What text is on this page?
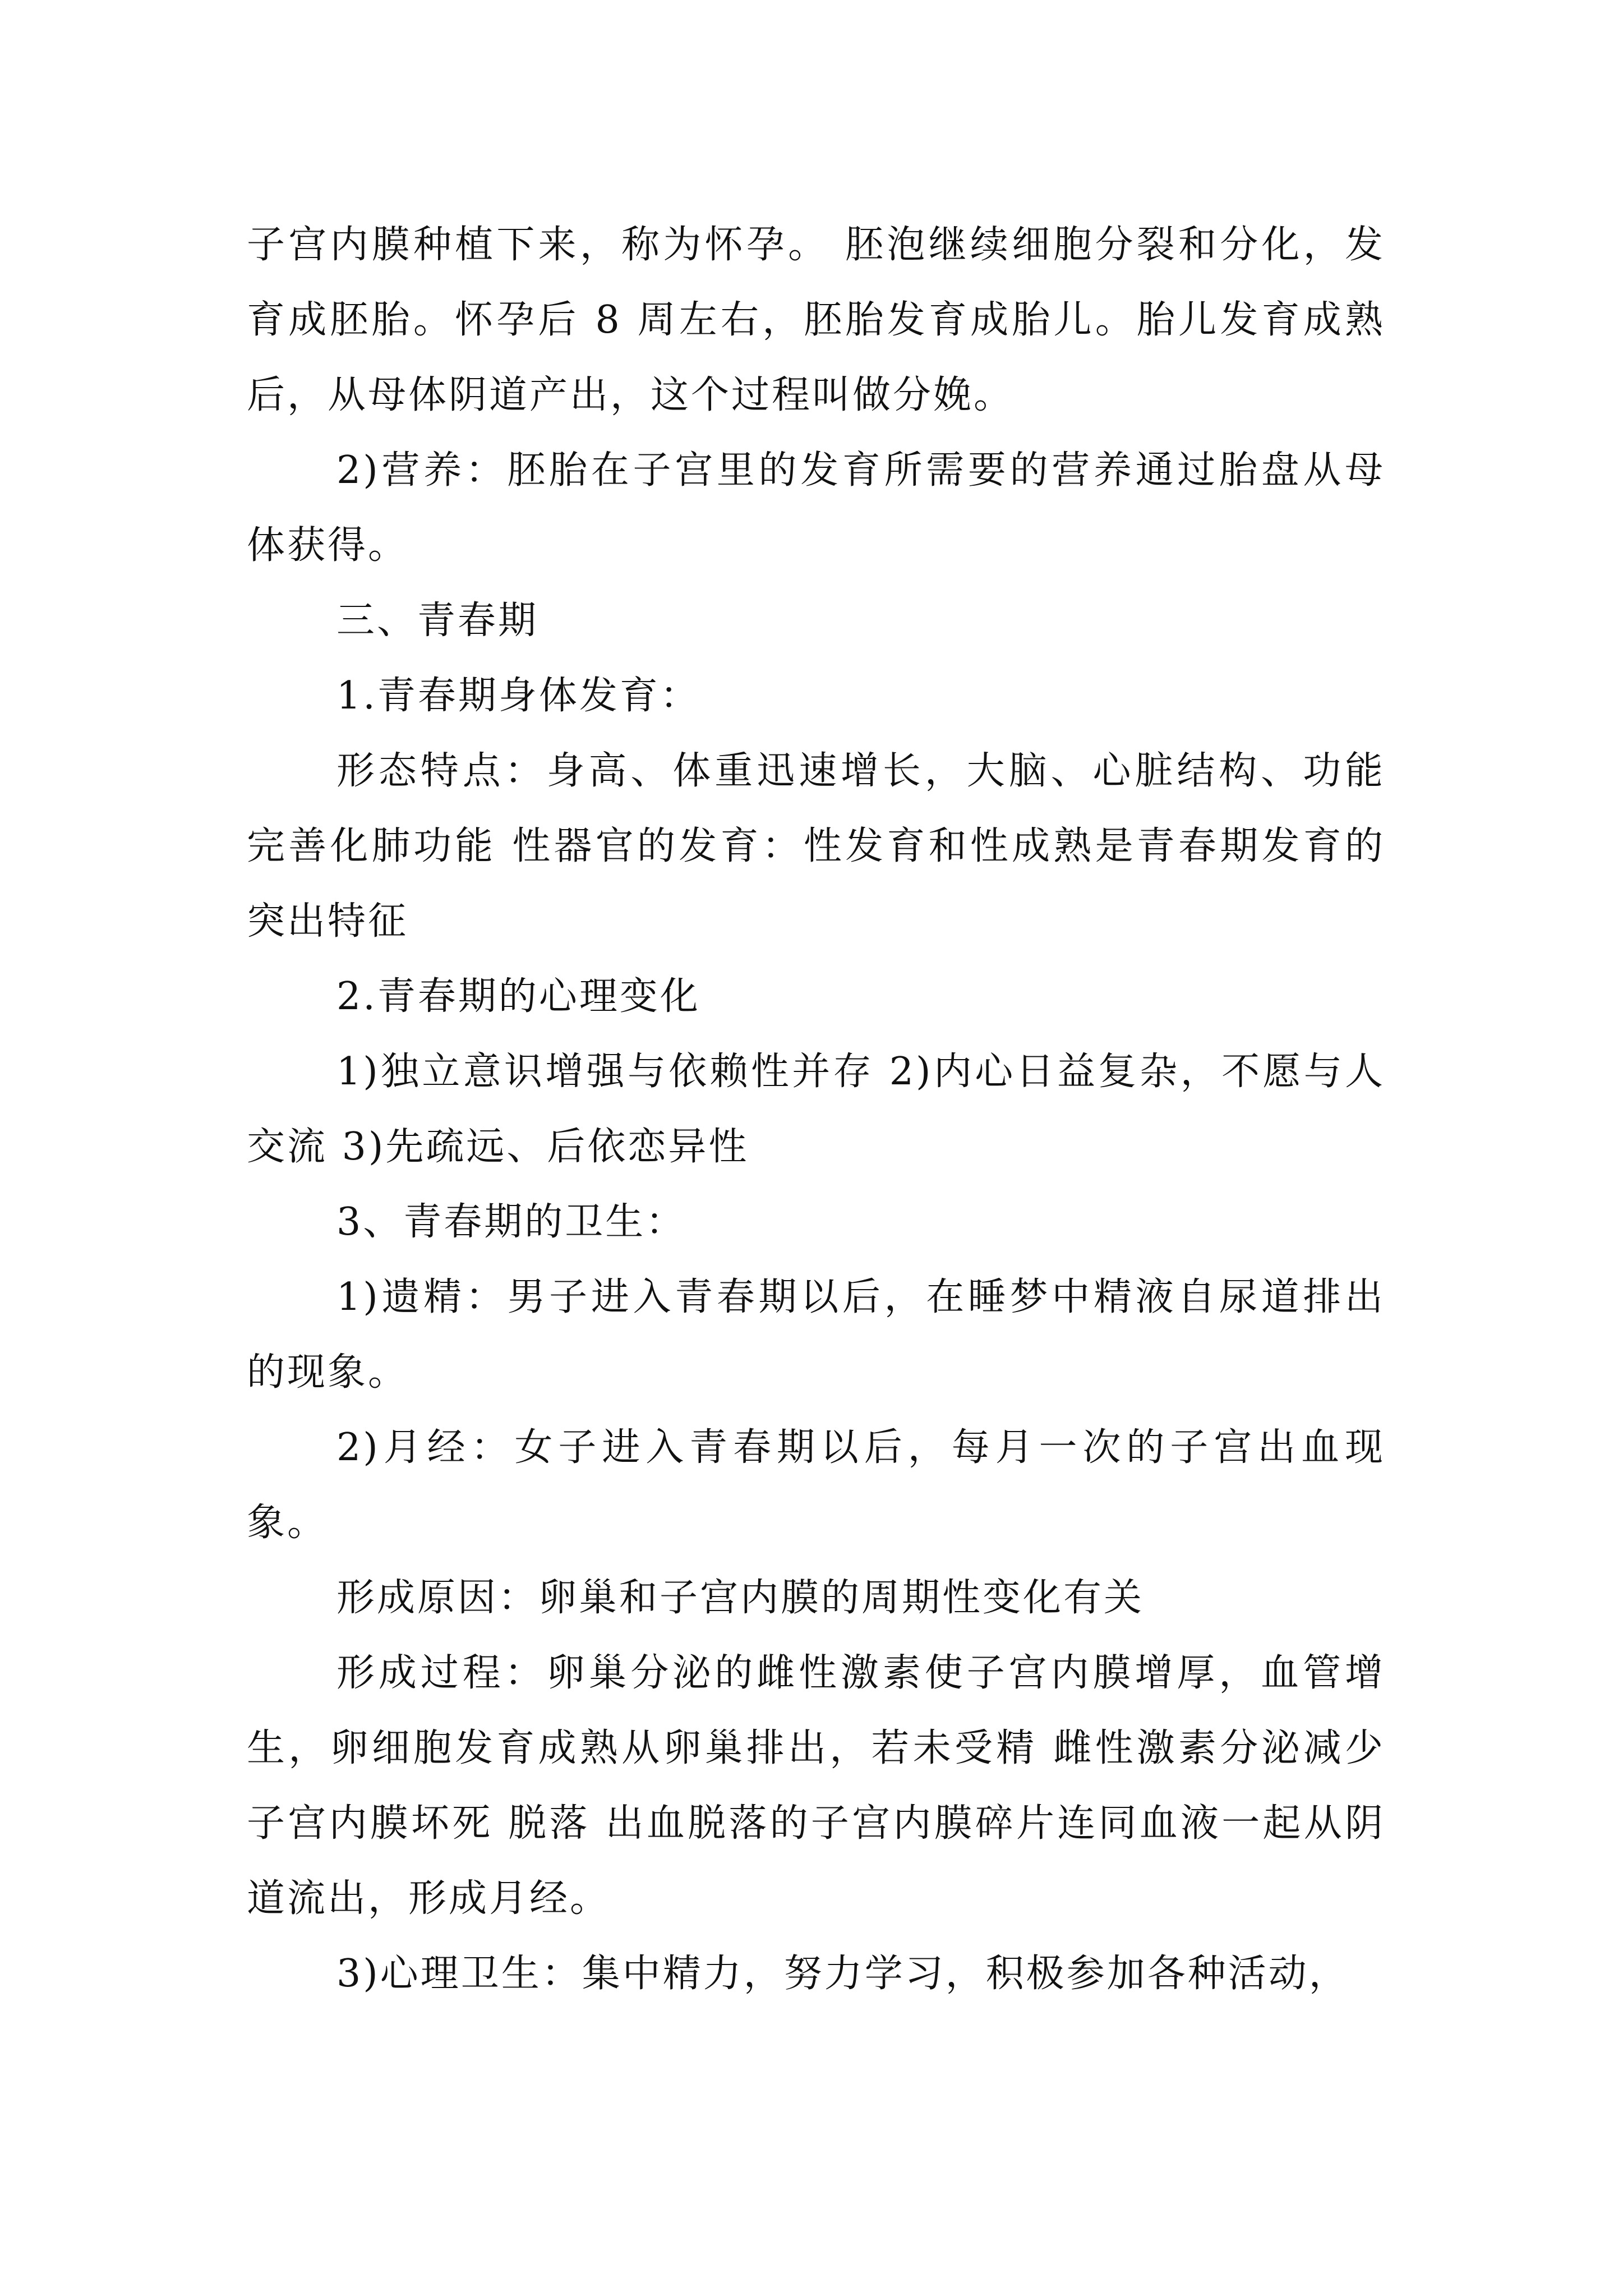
子宫内膜种植下来，称为怀孕。 胚泡继续细胞分裂和分化，发育成胚胎。怀孕后 8 周左右，胚胎发育成胎儿。胎儿发育成熟后，从母体阴道产出，这个过程叫做分娩。

2)营养：胚胎在子宫里的发育所需要的营养通过胎盘从母体获得。

三、青春期

1.青春期身体发育：

形态特点：身高、体重迅速增长，大脑、心脏结构、功能完善化肺功能 性器官的发育：性发育和性成熟是青春期发育的突出特征

2.青春期的心理变化

1)独立意识增强与依赖性并存 2)内心日益复杂，不愿与人交流 3)先疏远、后依恋异性

3、青春期的卫生：

1)遗精：男子进入青春期以后，在睡梦中精液自尿道排出的现象。

2)月经：女子进入青春期以后，每月一次的子宫出血现象。

形成原因：卵巢和子宫内膜的周期性变化有关

形成过程：卵巢分泌的雌性激素使子宫内膜增厚，血管增生，卵细胞发育成熟从卵巢排出，若未受精 雌性激素分泌减少 子宫内膜坏死 脱落 出血脱落的子宫内膜碎片连同血液一起从阴道流出，形成月经。

3)心理卫生：集中精力，努力学习，积极参加各种活动，
